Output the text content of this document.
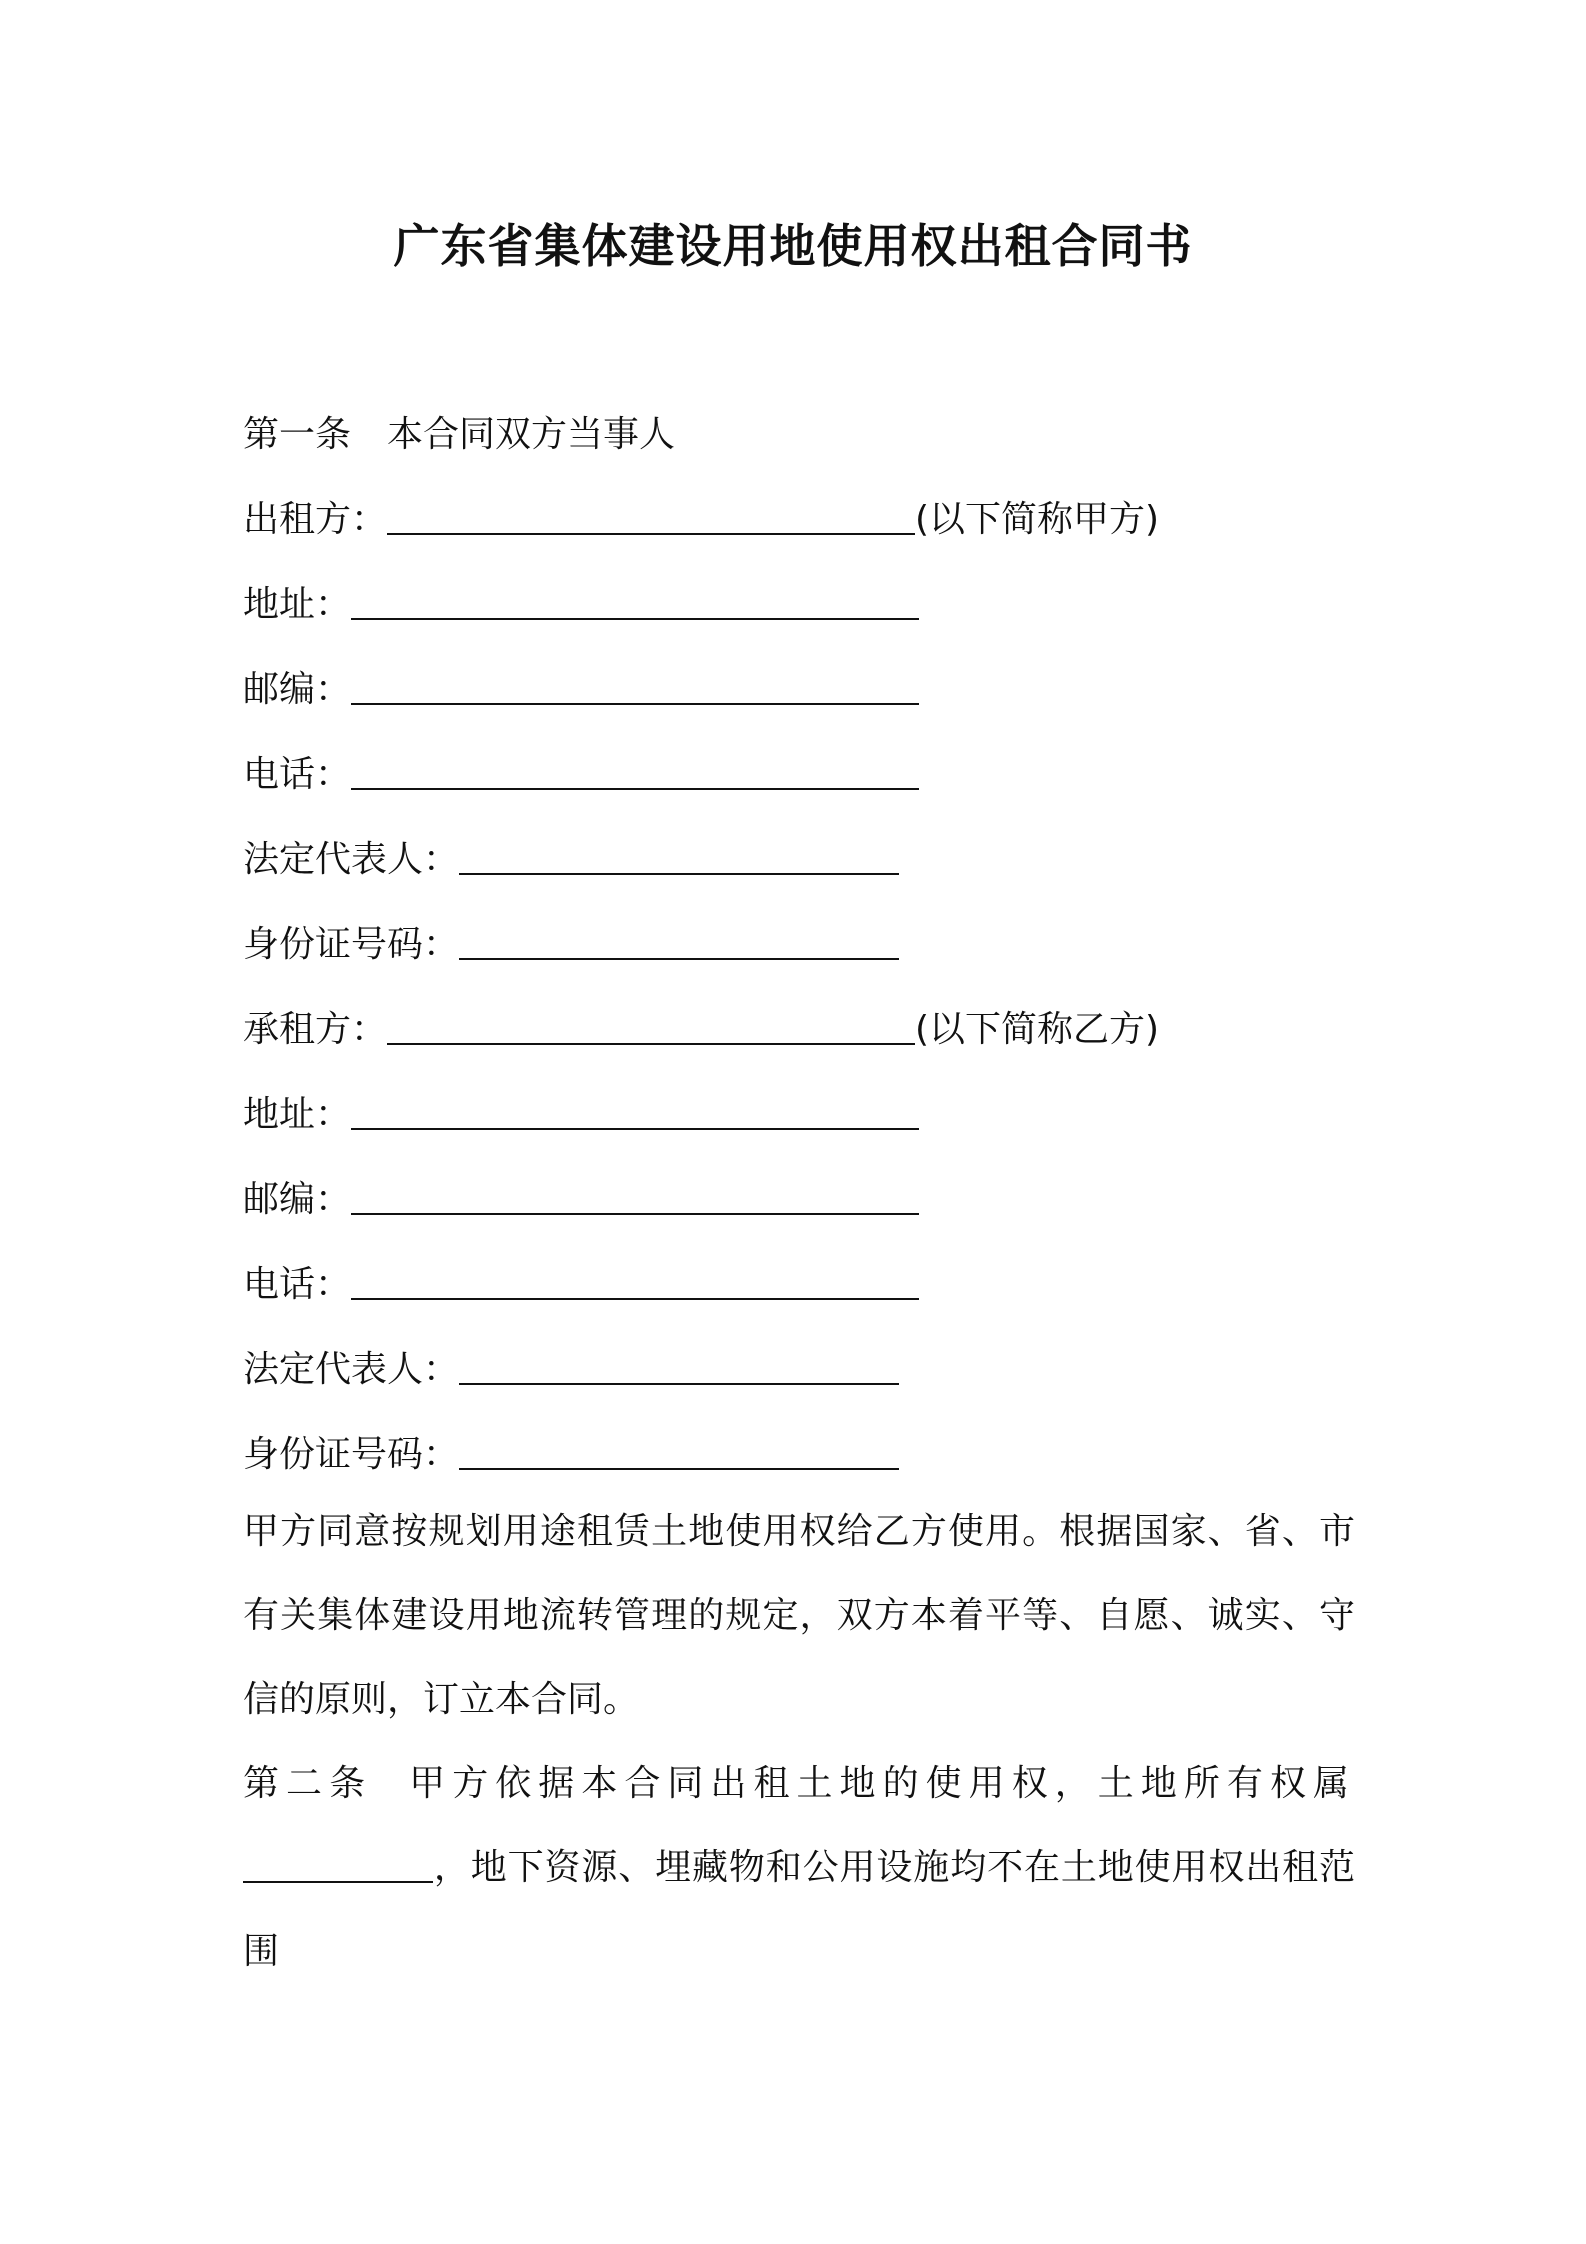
广东省集体建设用地使用权出租合同书
第一条 本合同双方当事人
出租方：	(以下简称甲方)
地址：
邮编：
电话：
法定代表人：
身份证号码：
承租方：	(以下简称乙方)
地址：
邮编：
电话：
法定代表人：
身份证号码：
甲方同意按规划用途租赁土地使用权给乙方使用。根据国家、省、市有关集体建设用地流转管理的规定，双方本着平等、自愿、诚实、守信的原则，订立本合同。
第二条 甲方依据本合同出租土地的使用权，土地所有权属，地下资源、埋藏物和公用设施均不在土地使用权出租范围
